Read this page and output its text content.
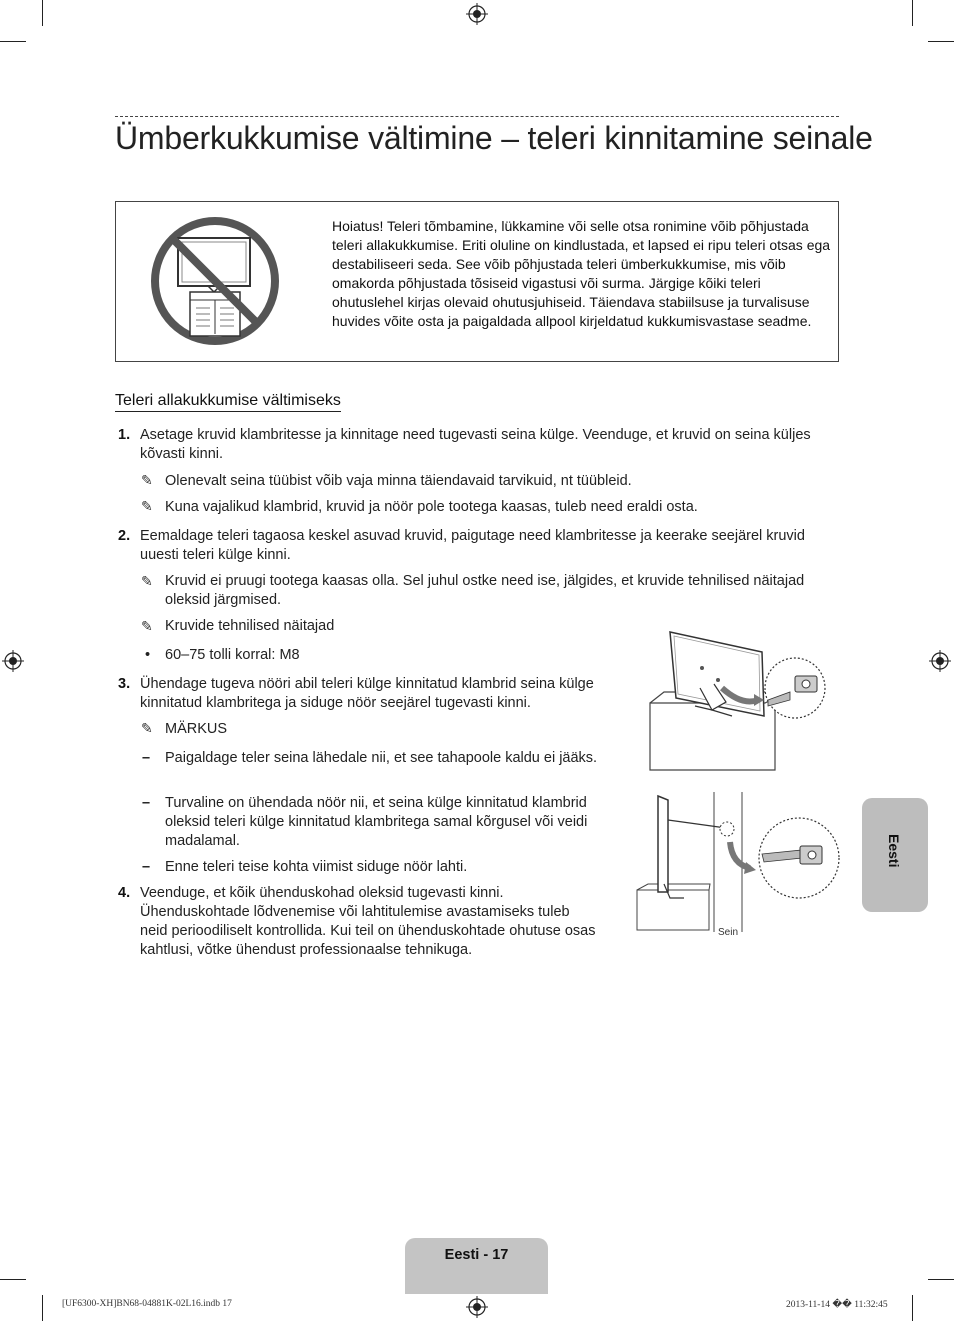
Ümberkukkumise vältimine – teleri kinnitamine seinale
Hoiatus! Teleri tõmbamine, lükkamine või selle otsa ronimine võib põhjustada teleri allakukkumise. Eriti oluline on kindlustada, et lapsed ei ripu teleri otsas ega destabiliseeri seda. See võib põhjustada teleri ümberkukkumise, mis võib omakorda põhjustada tõsiseid vigastusi või surma. Järgige kõiki teleri ohutuslehel kirjas olevaid ohutusjuhiseid. Täiendava stabiilsuse ja turvalisuse huvides võite osta ja paigaldada allpool kirjeldatud kukkumisvastase seadme.
Teleri allakukkumise vältimiseks
1. Asetage kruvid klambritesse ja kinnitage need tugevasti seina külge. Veenduge, et kruvid on seina küljes kõvasti kinni.
✎ Olenevalt seina tüübist võib vaja minna täiendavaid tarvikuid, nt tüübleid.
✎ Kuna vajalikud klambrid, kruvid ja nöör pole tootega kaasas, tuleb need eraldi osta.
2. Eemaldage teleri tagaosa keskel asuvad kruvid, paigutage need klambritesse ja keerake seejärel kruvid uuesti teleri külge kinni.
✎ Kruvid ei pruugi tootega kaasas olla. Sel juhul ostke need ise, jälgides, et kruvide tehnilised näitajad oleksid järgmised.
✎ Kruvide tehnilised näitajad
• 60–75 tolli korral: M8
3. Ühendage tugeva nööri abil teleri külge kinnitatud klambrid seina külge kinnitatud klambritega ja siduge nöör seejärel tugevasti kinni.
✎ MÄRKUS
– Paigaldage teler seina lähedale nii, et see tahapoole kaldu ei jääks.
– Turvaline on ühendada nöör nii, et seina külge kinnitatud klambrid oleksid teleri külge kinnitatud klambritega samal kõrgusel või veidi madalamal.
– Enne teleri teise kohta viimist siduge nöör lahti.
4. Veenduge, et kõik ühenduskohad oleksid tugevasti kinni. Ühenduskohtade lõdvenemise või lahtitulemise avastamiseks tuleb neid perioodiliselt kontrollida. Kui teil on ühenduskohtade ohutuse osas kahtlusi, võtke ühendust professionaalse tehnikuga.
Sein
Eesti
Eesti - 17
[UF6300-XH]BN68-04881K-02L16.indb 17	2013-11-14 �� 11:32:45
